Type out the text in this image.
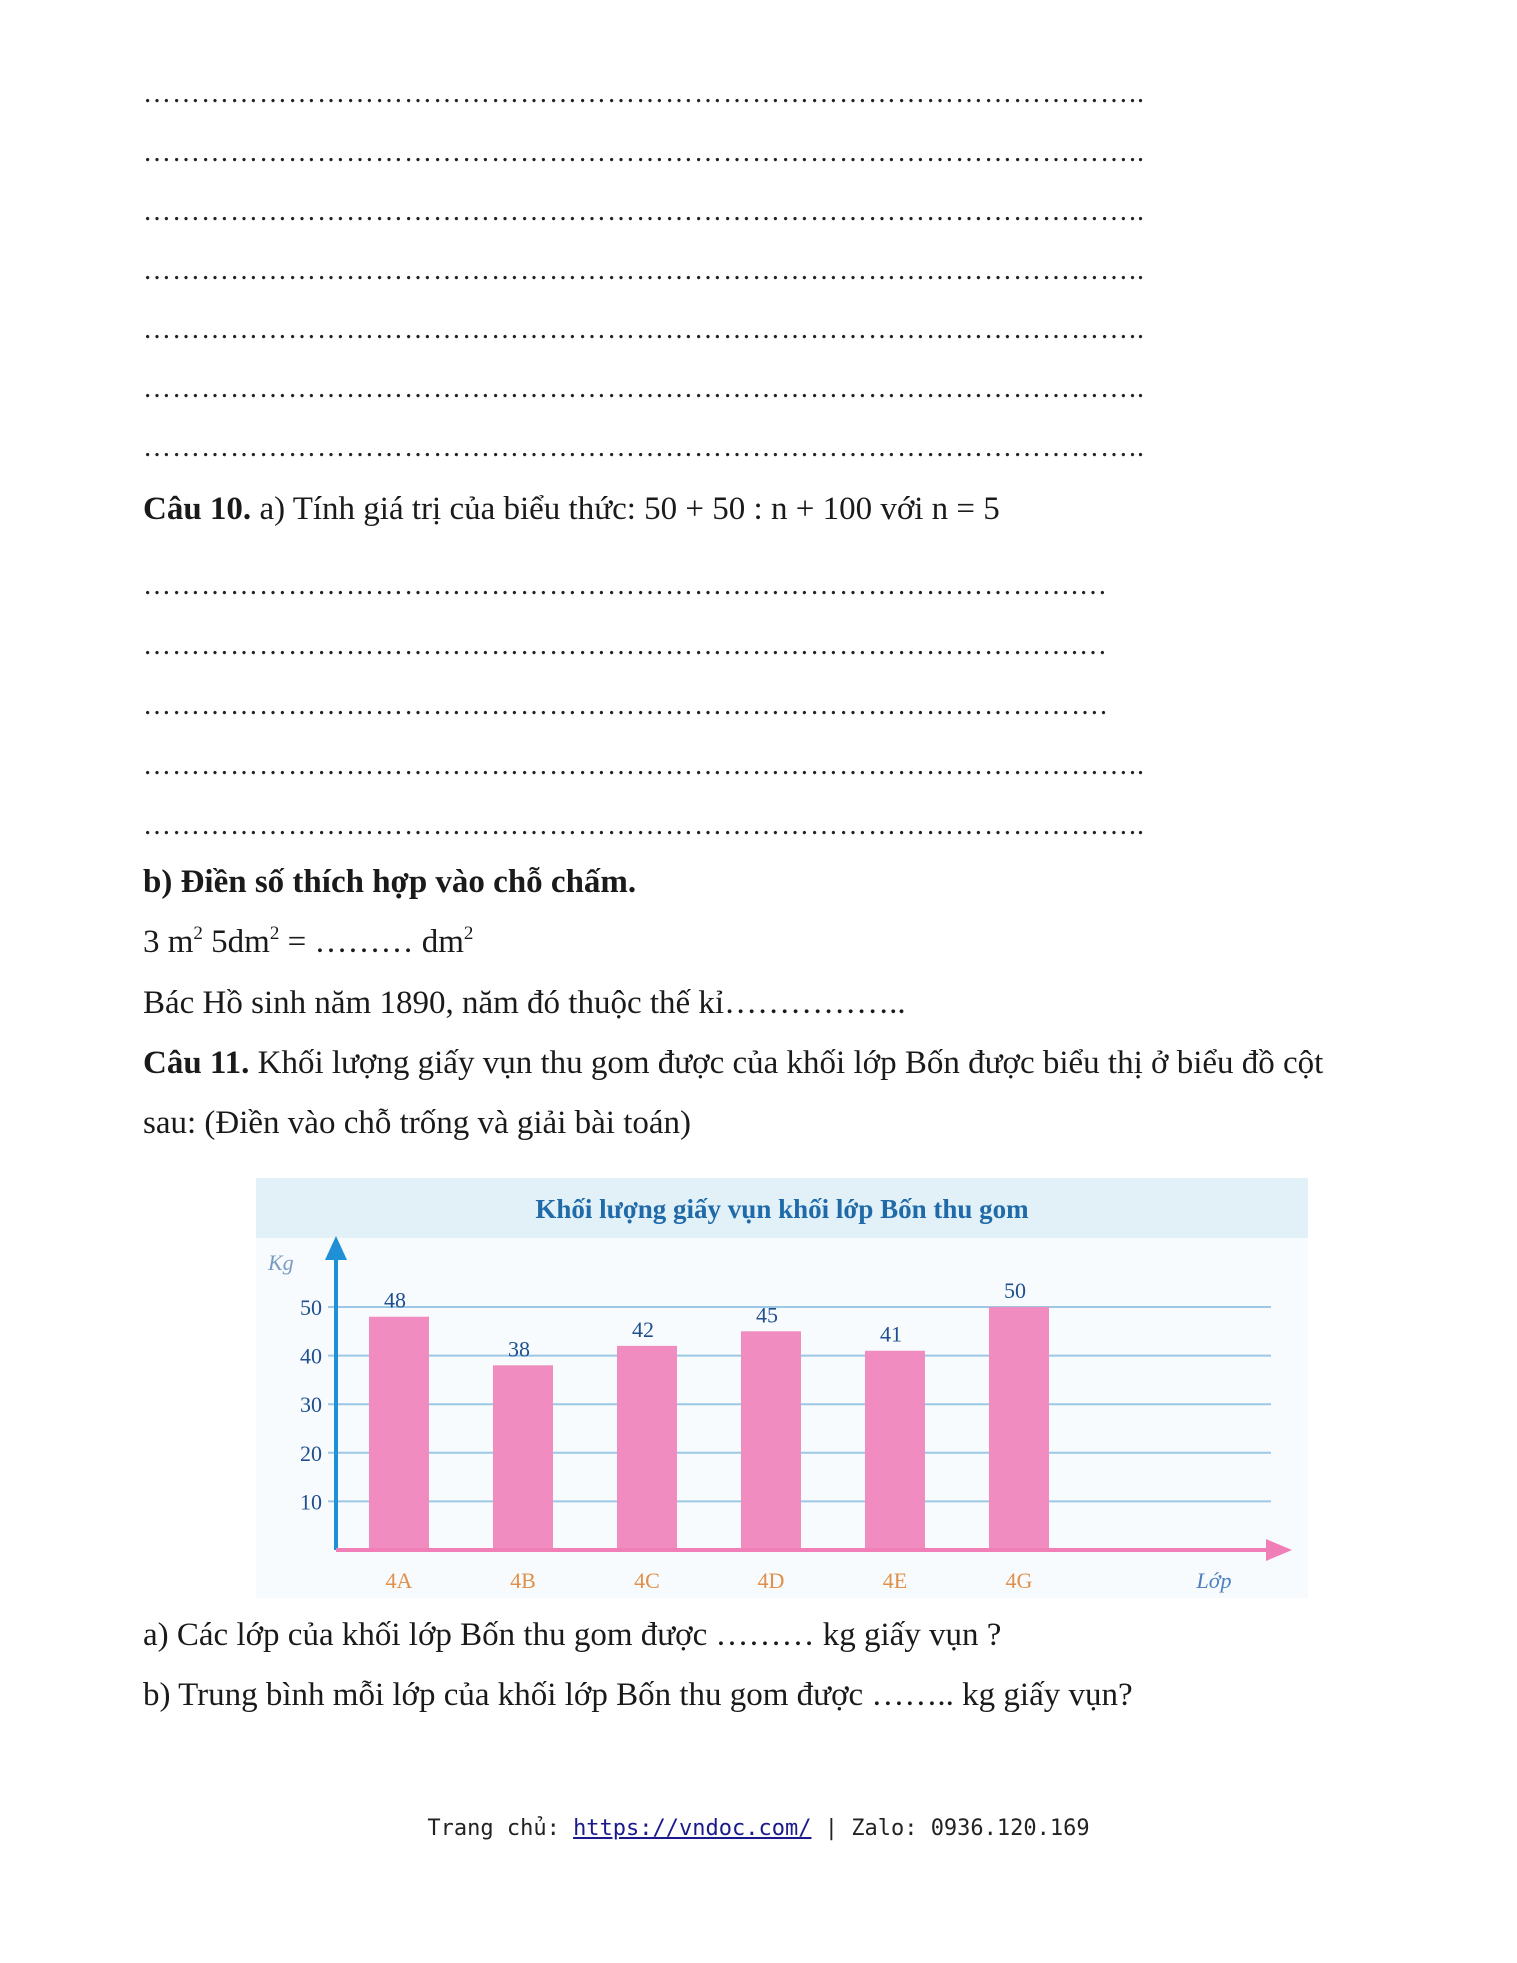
…………………………………………………………………………………………..
…………………………………………………………………………………………..
…………………………………………………………………………………………..
…………………………………………………………………………………………..
…………………………………………………………………………………………..
…………………………………………………………………………………………..
…………………………………………………………………………………………..
Câu 10. a) Tính giá trị của biểu thức: 50 + 50 : n + 100 với n = 5
…………………………………………………………………………………….…
…………………………………………………………………………………….…
……………………………………………………………………………………….
…………………………………………………………………………………………..
…………………………………………………………………………………………..
b) Điền số thích hợp vào chỗ chấm.
3 $m^2$ $5dm^2$ = ……… $dm^2$
Bác Hồ sinh năm 1890, năm đó thuộc thế kỉ……………..
Câu 11. Khối lượng giấy vụn thu gom được của khối lớp Bốn được biểu thị ở biểu đồ cột
sau: (Điền vào chỗ trống và giải bài toán)
Khối lượng giấy vụn khối lớp Bốn thu gom
10
20
30
40
50	48
4A
38
4B
42
4C
45
4D
41
4E
50
4G
Kg
Lớp
a) Các lớp của khối lớp Bốn thu gom được ……… kg giấy vụn ?
b) Trung bình mỗi lớp của khối lớp Bốn thu gom được …….. kg giấy vụn?
Trang chủ: https://vndoc.com/ | Zalo: 0936.120.169
